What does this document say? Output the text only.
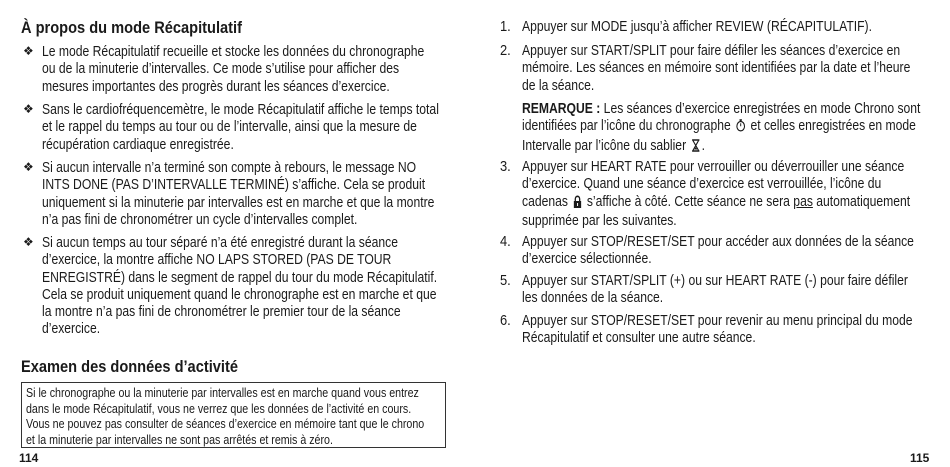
À propos du mode Récapitulatif
❖ Le mode Récapitulatif recueille et stocke les données du chronographe ou de la minuterie d’intervalles. Ce mode s’utilise pour afficher des mesures importantes des progrès durant les séances d’exercice.
❖ Sans le cardiofréquencemètre, le mode Récapitulatif affiche le temps total et le rappel du temps au tour ou de l’intervalle, ainsi que la mesure de récupération cardiaque enregistrée.
❖ Si aucun intervalle n’a terminé son compte à rebours, le message NO INTS DONE (PAS D’INTERVALLE TERMINÉ) s’affiche. Cela se produit uniquement si la minuterie par intervalles est en marche et que la montre n’a pas fini de chronométrer un cycle d’intervalles complet.
❖ Si aucun temps au tour séparé n’a été enregistré durant la séance d’exercice, la montre affiche NO LAPS STORED (PAS DE TOUR ENREGISTRÉ) dans le segment de rappel du tour du mode Récapitulatif. Cela se produit uniquement quand le chronographe est en marche et que la montre n’a pas fini de chronométrer le premier tour de la séance d’exercice.
Examen des données d’activité
Si le chronographe ou la minuterie par intervalles est en marche quand vous entrez dans le mode Récapitulatif, vous ne verrez que les données de l’activité en cours. Vous ne pouvez pas consulter de séances d’exercice en mémoire tant que le chrono et la minuterie par intervalles ne sont pas arrêtés et remis à zéro.
114
1. Appuyer sur MODE jusqu’à afficher REVIEW (RÉCAPITULATIF).
2. Appuyer sur START/SPLIT pour faire défiler les séances d’exercice en mémoire. Les séances en mémoire sont identifiées par la date et l’heure de la séance.
REMARQUE : Les séances d’exercice enregistrées en mode Chrono sont identifiées par l’icône du chronographe et celles enregistrées en mode Intervalle par l’icône du sablier .
3. Appuyer sur HEART RATE pour verrouiller ou déverrouiller une séance d’exercice. Quand une séance d’exercice est verrouillée, l’icône du cadenas s’affiche à côté. Cette séance ne sera pas automatiquement supprimée par les suivantes.
4. Appuyer sur STOP/RESET/SET pour accéder aux données de la séance d’exercice sélectionnée.
5. Appuyer sur START/SPLIT (+) ou sur HEART RATE (-) pour faire défiler les données de la séance.
6. Appuyer sur STOP/RESET/SET pour revenir au menu principal du mode Récapitulatif et consulter une autre séance.
115
